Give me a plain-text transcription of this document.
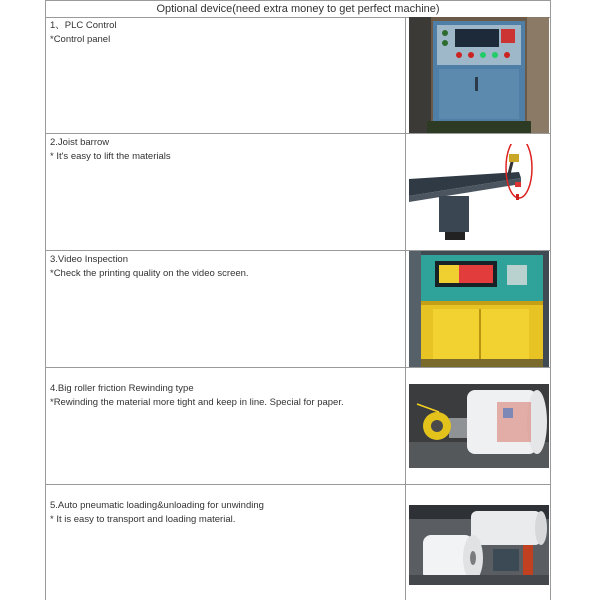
Optional device(need extra money to get perfect machine)
1、PLC Control
*Control panel
2.Joist barrow
* It's easy to lift the materials
3.Video Inspection
*Check the printing quality on the video screen.
4.Big roller friction Rewinding type
*Rewinding the material more tight and keep in line. Special for paper.
5.Auto pneumatic loading&unloading for unwinding
* It is easy to transport and loading material.
